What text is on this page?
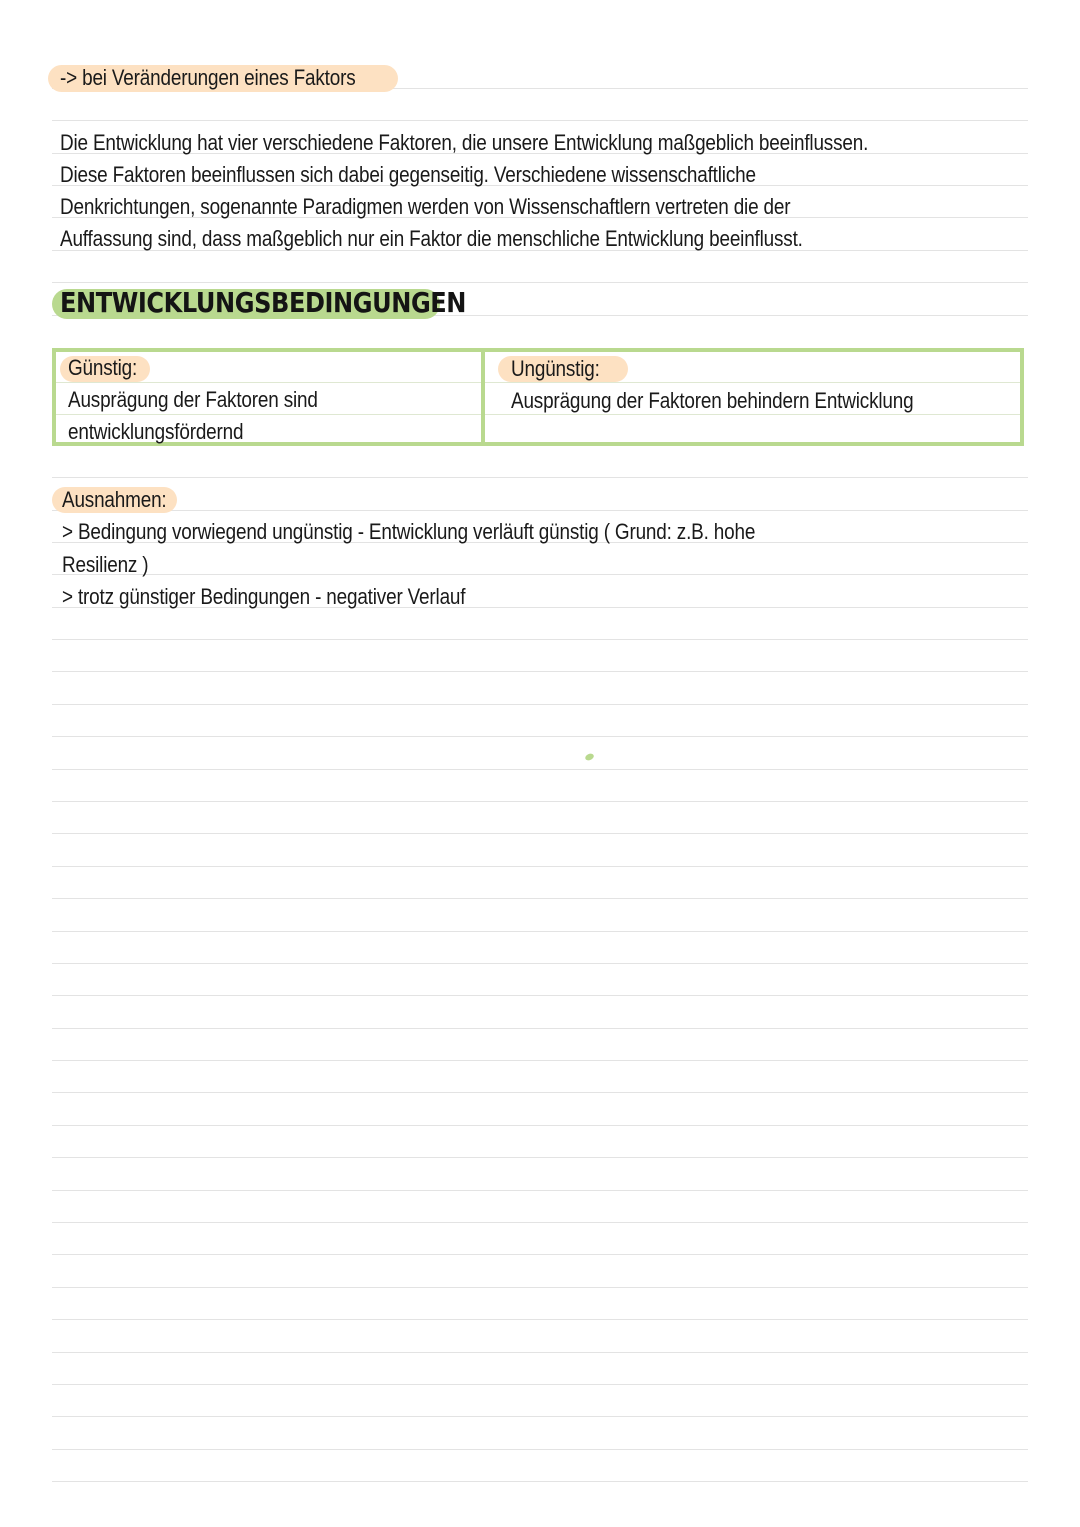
-> bei Veränderungen eines Faktors
Die Entwicklung hat vier verschiedene Faktoren, die unsere Entwicklung maßgeblich beeinflussen.
Diese Faktoren beeinflussen sich dabei gegenseitig. Verschiedene wissenschaftliche
Denkrichtungen, sogenannte Paradigmen werden von Wissenschaftlern vertreten die der
Auffassung sind, dass maßgeblich nur ein Faktor die menschliche Entwicklung beeinflusst.
ENTWICKLUNGSBEDINGUNGEN
Günstig:
Ausprägung der Faktoren sind
entwicklungsfördernd
Ungünstig:
Ausprägung der Faktoren behindern Entwicklung
Ausnahmen:
> Bedingung vorwiegend ungünstig - Entwicklung verläuft günstig ( Grund: z.B. hohe
Resilienz )
> trotz günstiger Bedingungen - negativer Verlauf
